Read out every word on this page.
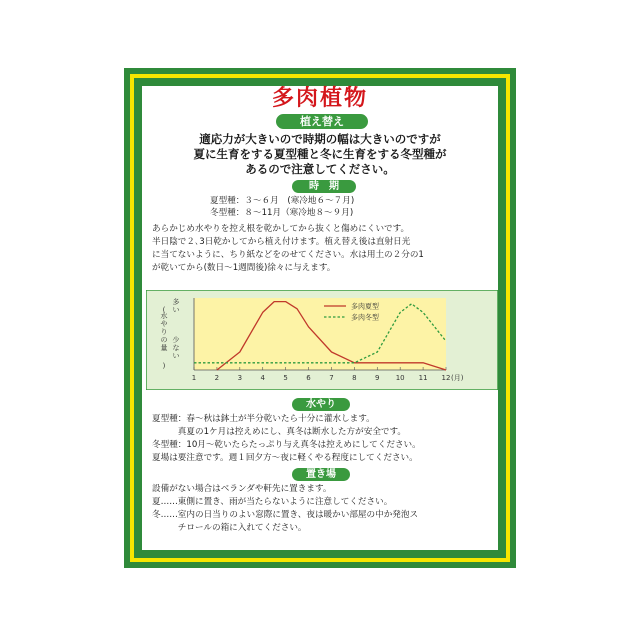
多肉植物
植え替え
適応力が大きいので時期の幅は大きいのですが
夏に生育をする夏型種と冬に生育をする冬型種が
あるので注意してください。
時　期
夏型種：３〜６月　(寒冷地６〜７月)
冬型種：８〜11月（寒冷地８〜９月)
あらかじめ水やりを控え根を乾かしてから抜くと傷めにくいです。
半日陰で２､3日乾かしてから植え付けます。植え替え後は直射日光
に当てないように、ちり紙などをのせてください。水は用土の２分の1
が乾いてから(数日〜1週間後)徐々に与えます。
1	2	3	4	5	6	7	8	9 10 11 12 (月)
多
い
水
や
り
の
量
(
)
少
な
い
多肉夏型
多肉冬型
水やり
夏型種：春〜秋は鉢土が半分乾いたら十分に灌水します。
　　　真夏の1ケ月は控えめにし、真冬は断水した方が安全です。
冬型種：10月〜乾いたらたっぷり与え真冬は控えめにしてください。
夏場は要注意です。週１回夕方〜夜に軽くやる程度にしてください。
置き場
設備がない場合はベランダや軒先に置きます。
夏……東側に置き、雨が当たらないように注意してください。
冬……室内の日当りのよい窓際に置き、夜は暖かい部屋の中か発泡ス
　　　チロールの箱に入れてください。
